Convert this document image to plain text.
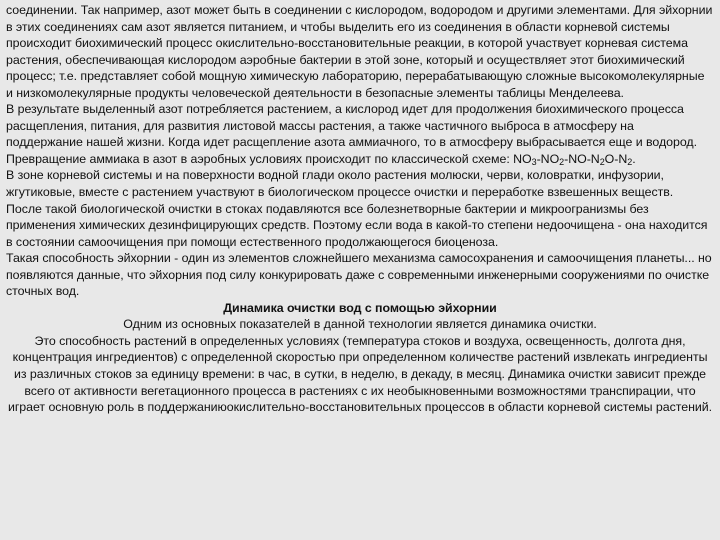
соединении. Так например, азот может быть в соединении с кислородом, водородом и другими элементами. Для эйхорнии в этих соединениях сам азот является питанием, и чтобы выделить его из соединения в области корневой системы происходит биохимический процесс окислительно-восстановительные реакции, в которой участвует корневая система растения, обеспечивающая кислородом аэробные бактерии в этой зоне, который и осуществляет этот биохимический процесс; т.е. представляет собой мощную химическую лабораторию, перерабатывающую сложные высокомолекулярные и низкомолекулярные продукты человеческой деятельности в безопасные элементы таблицы Менделеева.

В результате выделенный азот потребляется растением, а кислород идет для продолжения биохимического процесса расщепления, питания, для развития листовой массы растения, а также частичного выброса в атмосферу на поддержание нашей жизни. Когда идет расщепление азота аммиачного, то в атмосферу выбрасывается еще и водород. Превращение аммиака в азот в аэробных условиях происходит по классической схеме: $NO_3-NO_2-NO-N_2O-N_2$.

В зоне корневой системы и на поверхности водной глади около растения молюски, черви, коловратки, инфузории, жгутиковые, вместе с растением участвуют в биологическом процессе очистки и переработке взвешенных веществ.

После такой биологической очистки в стоках подавляются все болезнетворные бактерии и микроогранизмы без применения химических дезинфицирующих средств. Поэтому если вода в какой-то степени недоочищена - она находится в состоянии самоочищения при помощи естественного продолжающегося биоценоза.

Такая способность эйхорнии - один из элементов сложнейшего механизма самосохранения и самоочищения планеты... но появляются данные, что эйхорния под силу конкурировать даже с современными инженерными сооружениями по очистке сточных вод.

Динамика очистки вод с помощью эйхорнии

Одним из основных показателей в данной технологии является динамика очистки.

Это способность растений в определенных условиях (температура стоков и воздуха, освещенность, долгота дня, концентрация ингредиентов) с определенной скоростью при определенном количестве растений извлекать ингредиенты из различных стоков за единицу времени: в час, в сутки, в неделю, в декаду, в месяц. Динамика очистки зависит прежде всего от активности вегетационного процесса в растениях с их необыкновенными возможностями транспирации, что играет основную роль в поддержаниюокислительно-восстановительных процессов в области корневой системы растений.
